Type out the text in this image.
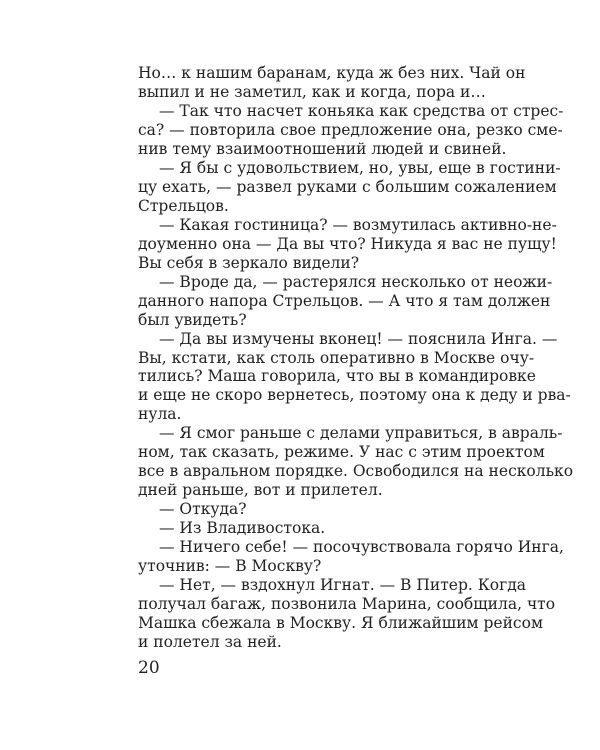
Но… к нашим баранам, куда ж без них. Чай он
выпил и не заметил, как и когда, пора и…
— Так что насчет коньяка как средства от стрес-
са? — повторила свое предложение она, резко сме-
нив тему взаимоотношений людей и свиней.
— Я бы с удовольствием, но, увы, еще в гостини-
цу ехать, — развел руками с большим сожалением
Стрельцов.
— Какая гостиница? — возмутилась активно-не-
доуменно она — Да вы что? Никуда я вас не пущу!
Вы себя в зеркало видели?
— Вроде да, — растерялся несколько от неожи-
данного напора Стрельцов. — А что я там должен
был увидеть?
— Да вы измучены вконец! — пояснила Инга. —
Вы, кстати, как столь оперативно в Москве очу-
тились? Маша говорила, что вы в командировке
и еще не скоро вернетесь, поэтому она к деду и рва-
нула.
— Я смог раньше с делами управиться, в авраль-
ном, так сказать, режиме. У нас с этим проектом
все в авральном порядке. Освободился на несколько
дней раньше, вот и прилетел.
— Откуда?
— Из Владивостока.
— Ничего себе! — посочувствовала горячо Инга,
уточнив: — В Москву?
— Нет, — вздохнул Игнат. — В Питер. Когда
получал багаж, позвонила Марина, сообщила, что
Машка сбежала в Москву. Я ближайшим рейсом
и полетел за ней.
20
